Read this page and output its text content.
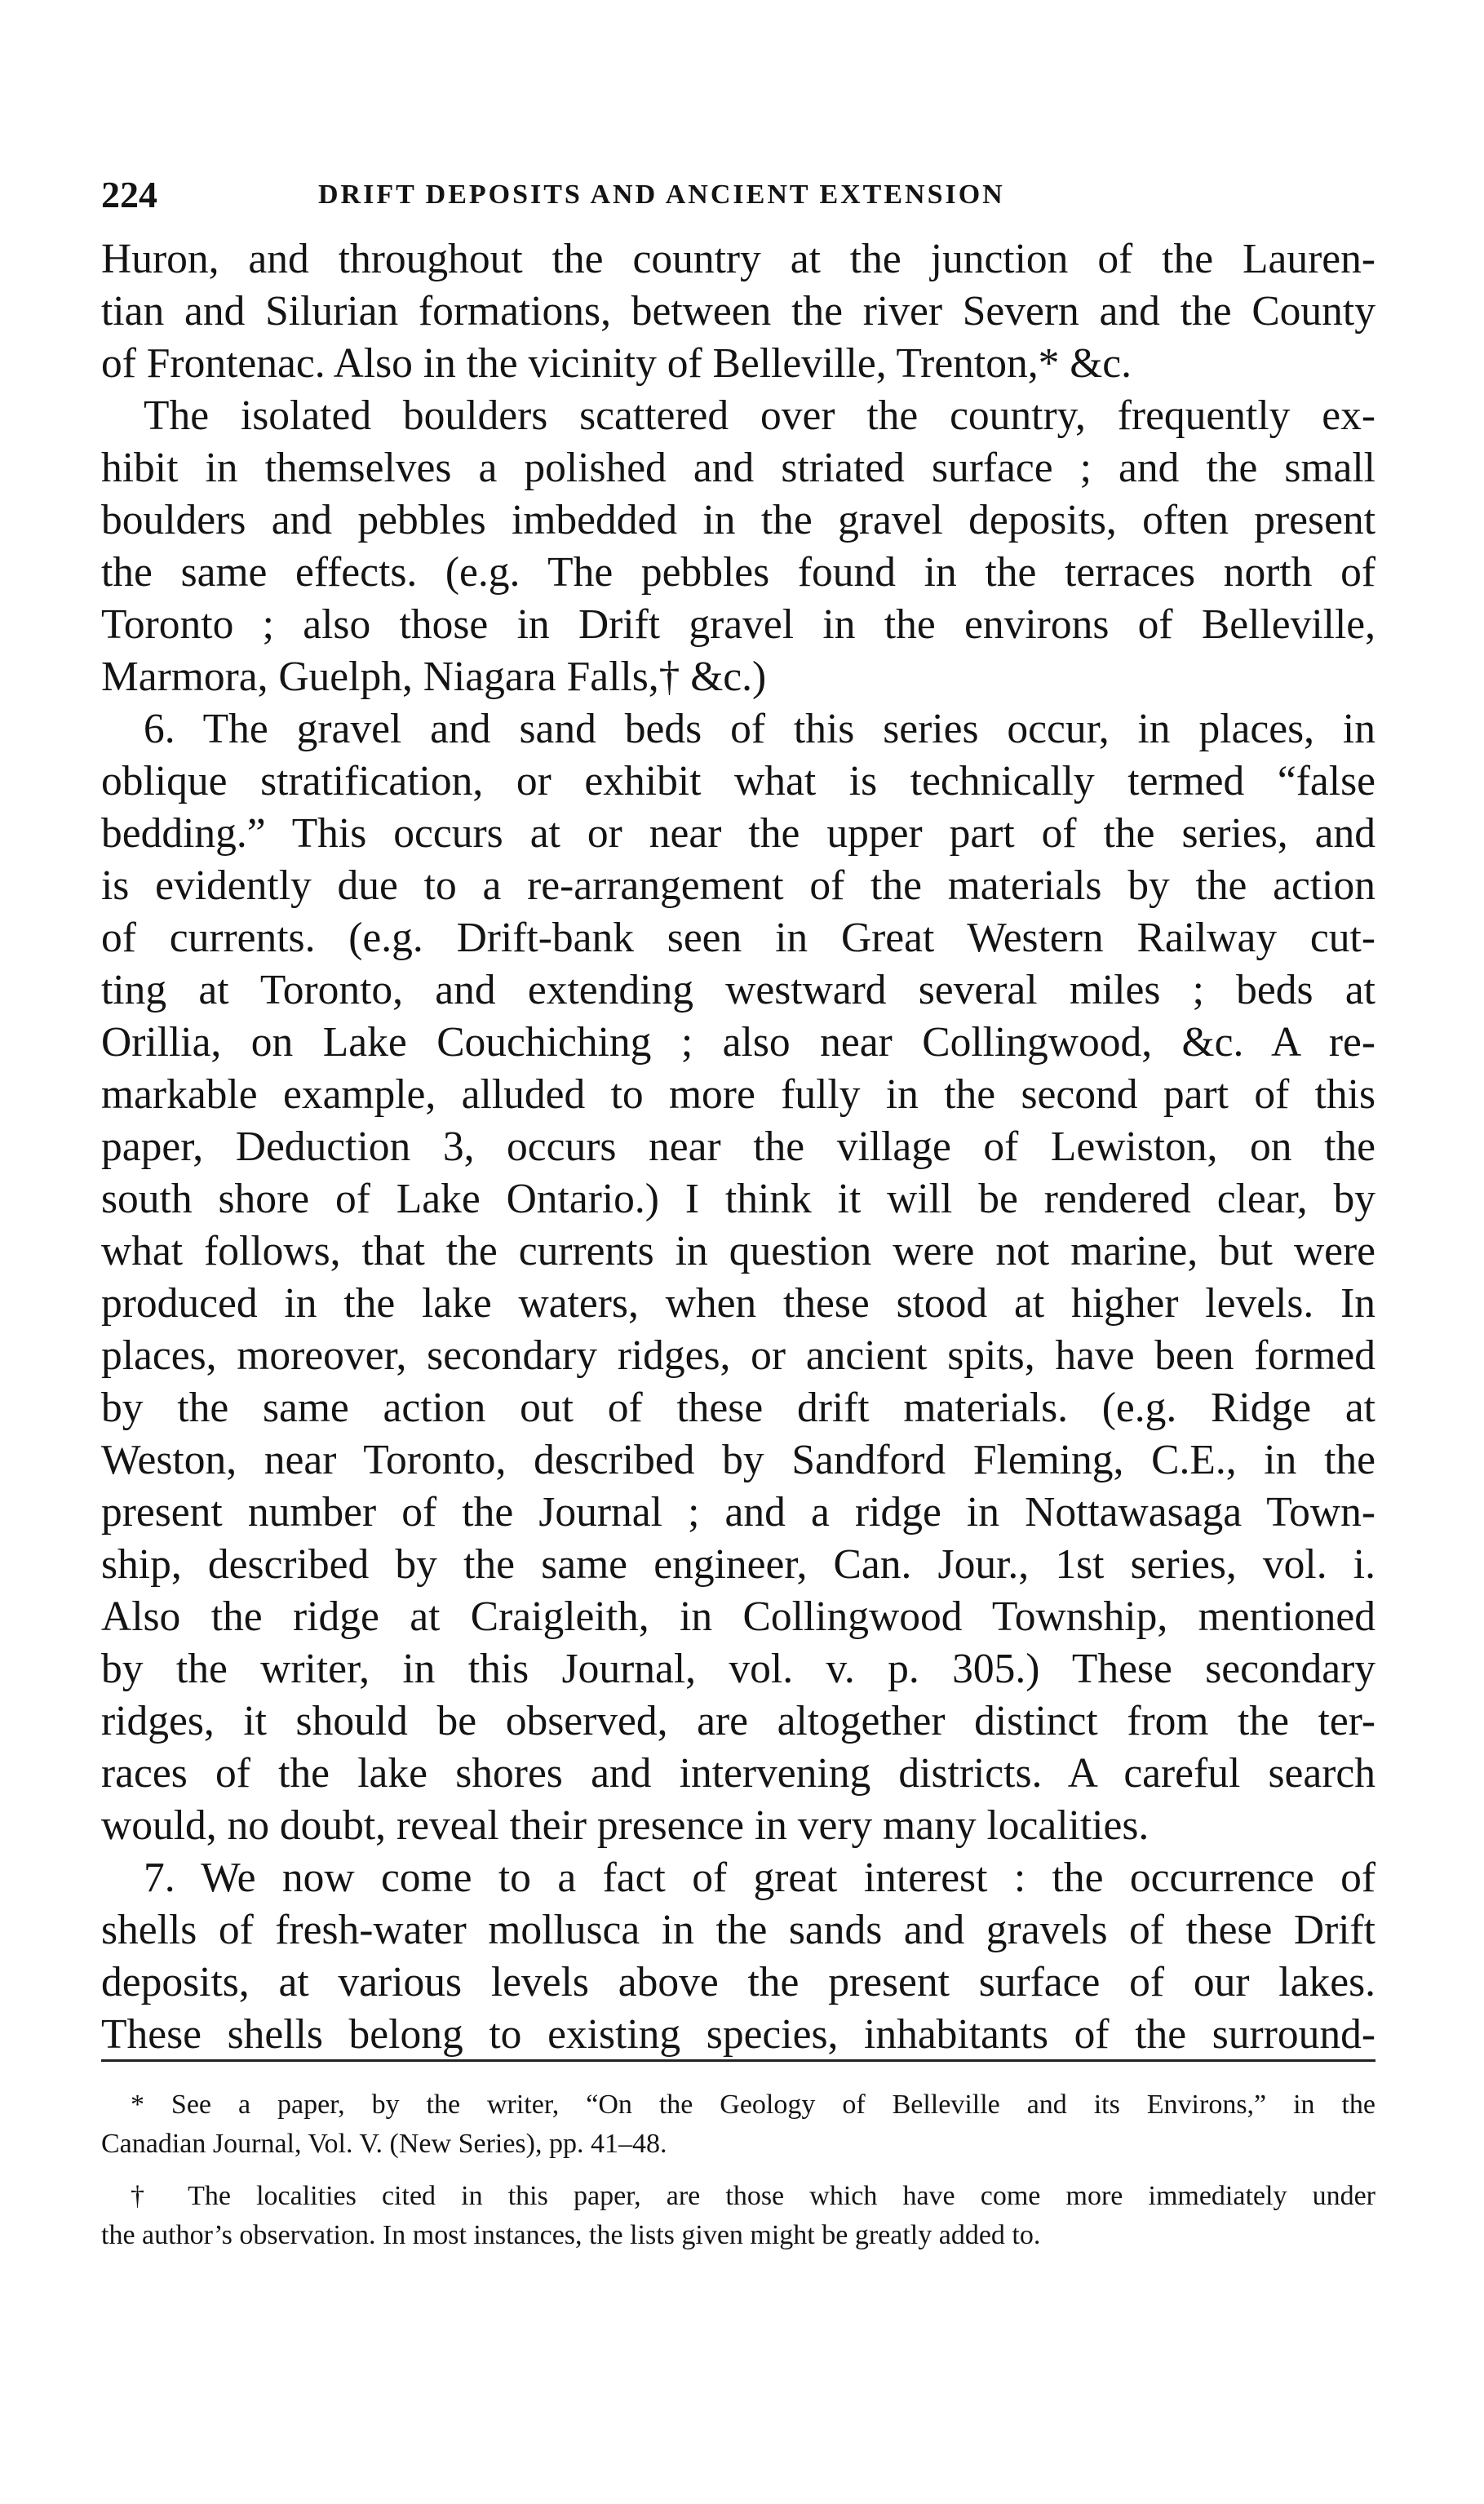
224	DRIFT DEPOSITS AND ANCIENT EXTENSION
Huron, and throughout the country at the junction of the Lauren-
tian and Silurian formations, between the river Severn and the County
of Frontenac. Also in the vicinity of Belleville, Trenton,* &c.
The isolated boulders scattered over the country, frequently ex-
hibit in themselves a polished and striated surface ; and the small
boulders and pebbles imbedded in the gravel deposits, often present
the same effects. (e.g. The pebbles found in the terraces north of
Toronto ; also those in Drift gravel in the environs of Belleville,
Marmora, Guelph, Niagara Falls,† &c.)
6. The gravel and sand beds of this series occur, in places, in
oblique stratification, or exhibit what is technically termed “false
bedding.” This occurs at or near the upper part of the series, and
is evidently due to a re-arrangement of the materials by the action
of currents. (e.g. Drift-bank seen in Great Western Railway cut-
ting at Toronto, and extending westward several miles ; beds at
Orillia, on Lake Couchiching ; also near Collingwood, &c. A re-
markable example, alluded to more fully in the second part of this
paper, Deduction 3, occurs near the village of Lewiston, on the
south shore of Lake Ontario.) I think it will be rendered clear, by
what follows, that the currents in question were not marine, but were
produced in the lake waters, when these stood at higher levels. In
places, moreover, secondary ridges, or ancient spits, have been formed
by the same action out of these drift materials. (e.g. Ridge at
Weston, near Toronto, described by Sandford Fleming, C.E., in the
present number of the Journal ; and a ridge in Nottawasaga Town-
ship, described by the same engineer, Can. Jour., 1st series, vol. i.
Also the ridge at Craigleith, in Collingwood Township, mentioned
by the writer, in this Journal, vol. v. p. 305.) These secondary
ridges, it should be observed, are altogether distinct from the ter-
races of the lake shores and intervening districts. A careful search
would, no doubt, reveal their presence in very many localities.
7. We now come to a fact of great interest : the occurrence of
shells of fresh-water mollusca in the sands and gravels of these Drift
deposits, at various levels above the present surface of our lakes.
These shells belong to existing species, inhabitants of the surround-
* See a paper, by the writer, “On the Geology of Belleville and its Environs,” in the
Canadian Journal, Vol. V. (New Series), pp. 41–48.
† The localities cited in this paper, are those which have come more immediately under
the author’s observation. In most instances, the lists given might be greatly added to.
